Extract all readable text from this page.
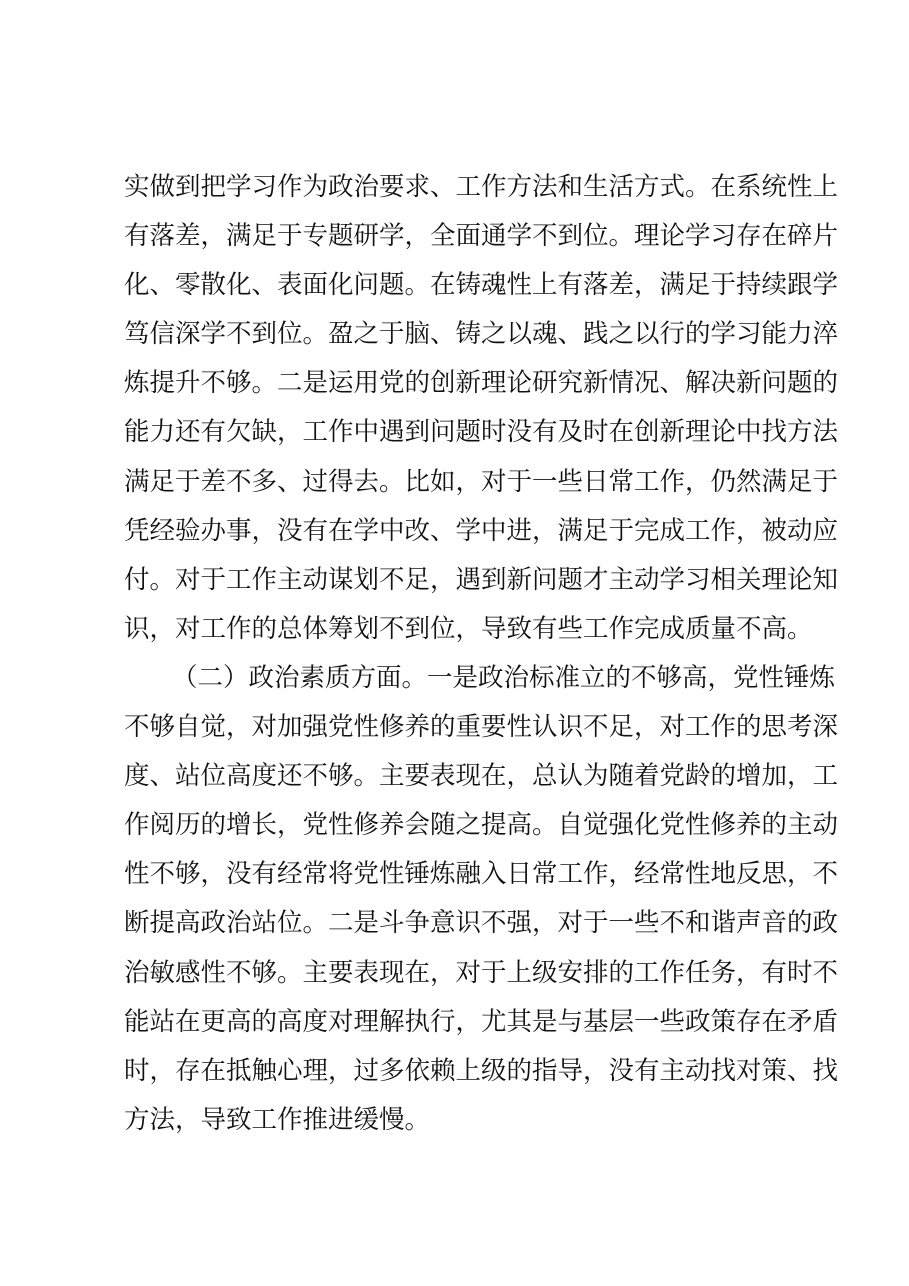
实做到把学习作为政治要求、工作方法和生活方式。在系统性上
有落差，满足于专题研学，全面通学不到位。理论学习存在碎片
化、零散化、表面化问题。在铸魂性上有落差，满足于持续跟学
笃信深学不到位。盈之于脑、铸之以魂、践之以行的学习能力淬
炼提升不够。二是运用党的创新理论研究新情况、解决新问题的
能力还有欠缺，工作中遇到问题时没有及时在创新理论中找方法
满足于差不多、过得去。比如，对于一些日常工作，仍然满足于
凭经验办事，没有在学中改、学中进，满足于完成工作，被动应
付。对于工作主动谋划不足，遇到新问题才主动学习相关理论知
识，对工作的总体筹划不到位，导致有些工作完成质量不高。
（二）政治素质方面。一是政治标准立的不够高，党性锤炼
不够自觉，对加强党性修养的重要性认识不足，对工作的思考深
度、站位高度还不够。主要表现在，总认为随着党龄的增加，工
作阅历的增长，党性修养会随之提高。自觉强化党性修养的主动
性不够，没有经常将党性锤炼融入日常工作，经常性地反思，不
断提高政治站位。二是斗争意识不强，对于一些不和谐声音的政
治敏感性不够。主要表现在，对于上级安排的工作任务，有时不
能站在更高的高度对理解执行，尤其是与基层一些政策存在矛盾
时，存在抵触心理，过多依赖上级的指导，没有主动找对策、找
方法，导致工作推进缓慢。
